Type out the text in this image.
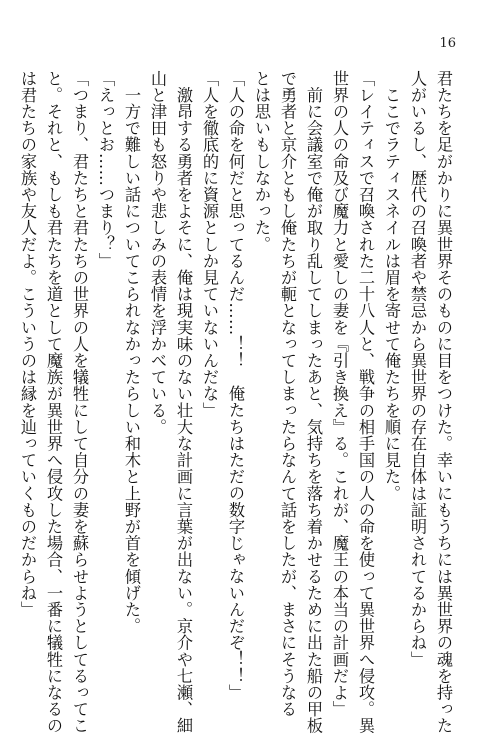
16
君たちを足がかりに異世界そのものに目をつけた。幸いにもうちには異世界の魂を持った
人がいるし、歴代の召喚者や禁忌から異世界の存在自体は証明されてるからね」
　ここでラティスネイルは眉を寄せて俺たちを順に見た。
「レイティスで召喚された二十八人と、戦争の相手国の人の命を使って異世界へ侵攻。異
世界の人の命及び魔力と愛しの妻を『引き換え』る。これが、魔王の本当の計画だよ」
　前に会議室で俺が取り乱してしまったあと、気持ちを落ち着かせるために出た船の甲板
で勇者と京介ともし俺たちが軛となってしまったらなんて話をしたが、まさにそうなる
とは思いもしなかった。
「人の命を何だと思ってるんだ……！！　俺たちはただの数字じゃないんだぞ！！」
「人を徹底的に資源としか見ていないんだな」
　激昂する勇者をよそに、俺は現実味のない壮大な計画に言葉が出ない。京介や七瀬、細
山と津田も怒りや悲しみの表情を浮かべている。
　一方で難しい話についてこられなかったらしい和木と上野が首を傾げた。
「えっとお……つまり？」
「つまり、君たちと君たちの世界の人を犠牲にして自分の妻を蘇らせようとしてるってこ
と。それと、もしも君たちを道として魔族が異世界へ侵攻した場合、一番に犠牲になるの
は君たちの家族や友人だよ。こういうのは縁を辿っていくものだからね」
